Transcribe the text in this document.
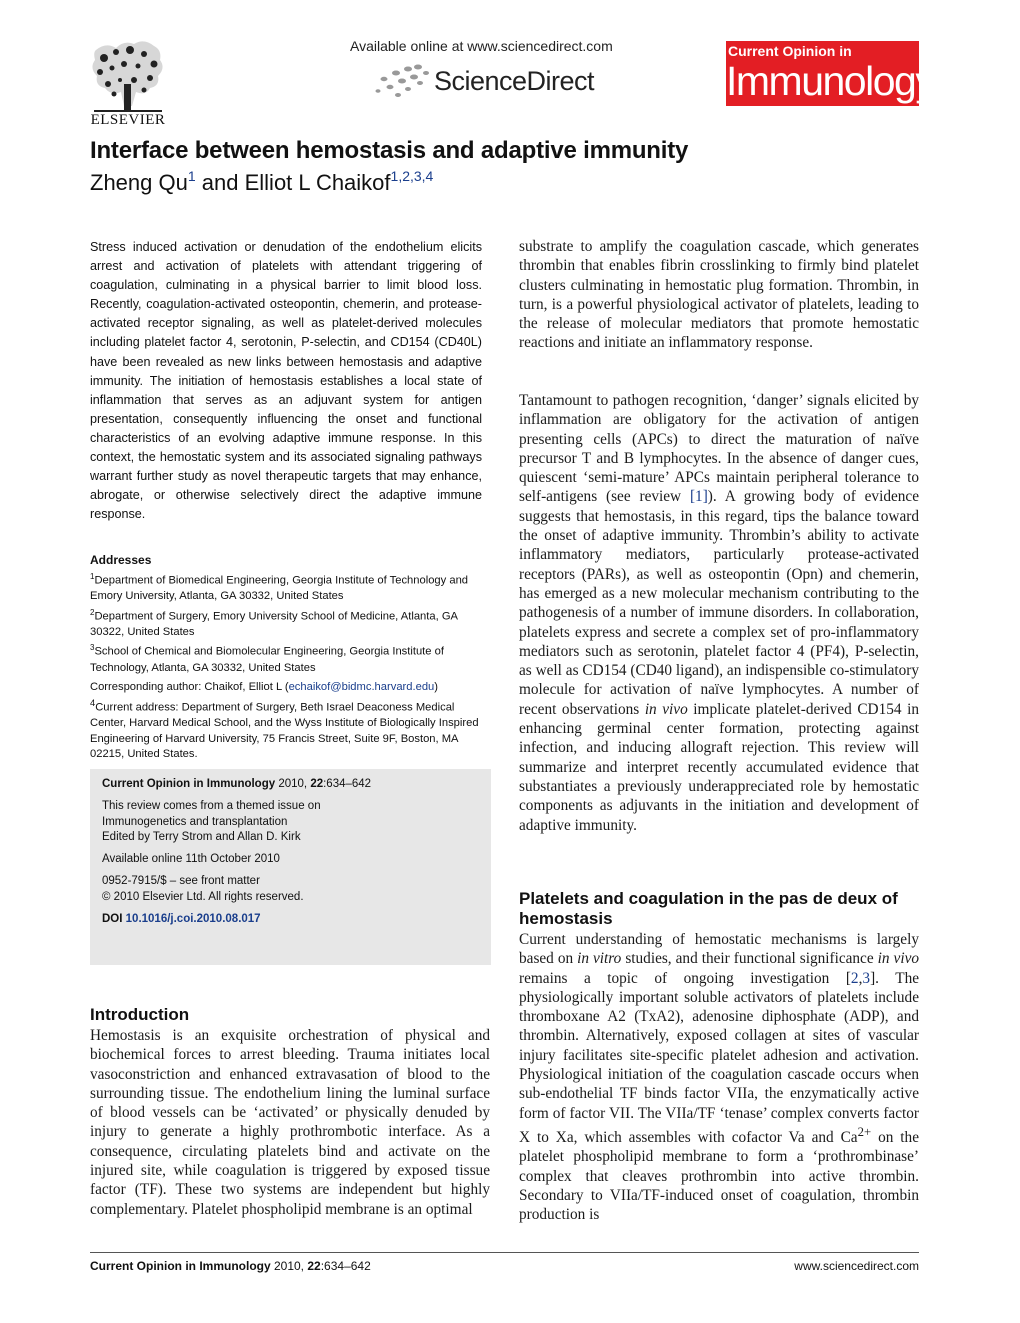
ELSEVIER
Available online at www.sciencedirect.com
ScienceDirect
Current Opinion in
Immunology
Interface between hemostasis and adaptive immunity
Zheng Qu$^1$ and Elliot L Chaikof$^{1,2,3,4}$
Stress induced activation or denudation of the endothelium elicits arrest and activation of platelets with attendant triggering of coagulation, culminating in a physical barrier to limit blood loss. Recently, coagulation-activated osteopontin, chemerin, and protease-activated receptor signaling, as well as platelet-derived molecules including platelet factor 4, serotonin, P-selectin, and CD154 (CD40L) have been revealed as new links between hemostasis and adaptive immunity. The initiation of hemostasis establishes a local state of inflammation that serves as an adjuvant system for antigen presentation, consequently influencing the onset and functional characteristics of an evolving adaptive immune response. In this context, the hemostatic system and its associated signaling pathways warrant further study as novel therapeutic targets that may enhance, abrogate, or otherwise selectively direct the adaptive immune response.
Addresses
$^1$Department of Biomedical Engineering, Georgia Institute of Technology and Emory University, Atlanta, GA 30332, United States
$^2$Department of Surgery, Emory University School of Medicine, Atlanta, GA 30322, United States
$^3$School of Chemical and Biomolecular Engineering, Georgia Institute of Technology, Atlanta, GA 30332, United States
Corresponding author: Chaikof, Elliot L (echaikof@bidmc.harvard.edu)
$^4$Current address: Department of Surgery, Beth Israel Deaconess Medical Center, Harvard Medical School, and the Wyss Institute of Biologically Inspired Engineering of Harvard University, 75 Francis Street, Suite 9F, Boston, MA 02215, United States.

Current Opinion in Immunology 2010, 22:634–642

This review comes from a themed issue on
Immunogenetics and transplantation
Edited by Terry Strom and Allan D. Kirk

Available online 11th October 2010

0952-7915/$ – see front matter
© 2010 Elsevier Ltd. All rights reserved.

DOI 10.1016/j.coi.2010.08.017

Introduction
Hemostasis is an exquisite orchestration of physical and biochemical forces to arrest bleeding. Trauma initiates local vasoconstriction and enhanced extravasation of blood to the surrounding tissue. The endothelium lining the luminal surface of blood vessels can be ‘activated’ or physically denuded by injury to generate a highly prothrombotic interface. As a consequence, circulating platelets bind and activate on the injured site, while coagulation is triggered by exposed tissue factor (TF). These two systems are independent but highly complementary. Platelet phospholipid membrane is an optimal
substrate to amplify the coagulation cascade, which generates thrombin that enables fibrin crosslinking to firmly bind platelet clusters culminating in hemostatic plug formation. Thrombin, in turn, is a powerful physiological activator of platelets, leading to the release of molecular mediators that promote hemostatic reactions and initiate an inflammatory response.
Tantamount to pathogen recognition, ‘danger’ signals elicited by inflammation are obligatory for the activation of antigen presenting cells (APCs) to direct the maturation of naïve precursor T and B lymphocytes. In the absence of danger cues, quiescent ‘semi-mature’ APCs maintain peripheral tolerance to self-antigens (see review [1]). A growing body of evidence suggests that hemostasis, in this regard, tips the balance toward the onset of adaptive immunity. Thrombin’s ability to activate inflammatory mediators, particularly protease-activated receptors (PARs), as well as osteopontin (Opn) and chemerin, has emerged as a new molecular mechanism contributing to the pathogenesis of a number of immune disorders. In collaboration, platelets express and secrete a complex set of pro-inflammatory mediators such as serotonin, platelet factor 4 (PF4), P-selectin, as well as CD154 (CD40 ligand), an indispensible co-stimulatory molecule for activation of naïve lymphocytes. A number of recent observations in vivo implicate platelet-derived CD154 in enhancing germinal center formation, protecting against infection, and inducing allograft rejection. This review will summarize and interpret recently accumulated evidence that substantiates a previously underappreciated role by hemostatic components as adjuvants in the initiation and development of adaptive immunity.
Platelets and coagulation in the pas de deux of hemostasis
Current understanding of hemostatic mechanisms is largely based on in vitro studies, and their functional significance in vivo remains a topic of ongoing investigation [2,3]. The physiologically important soluble activators of platelets include thromboxane A2 (TxA2), adenosine diphosphate (ADP), and thrombin. Alternatively, exposed collagen at sites of vascular injury facilitates site-specific platelet adhesion and activation. Physiological initiation of the coagulation cascade occurs when sub-endothelial TF binds factor VIIa, the enzymatically active form of factor VII. The VIIa/TF ‘tenase’ complex converts factor X to Xa, which assembles with cofactor Va and $Ca^{2+}$ on the platelet phospholipid membrane to form a ‘prothrombinase’ complex that cleaves prothrombin into active thrombin. Secondary to VIIa/TF-induced onset of coagulation, thrombin production is
Current Opinion in Immunology 2010, 22:634–642	www.sciencedirect.com
